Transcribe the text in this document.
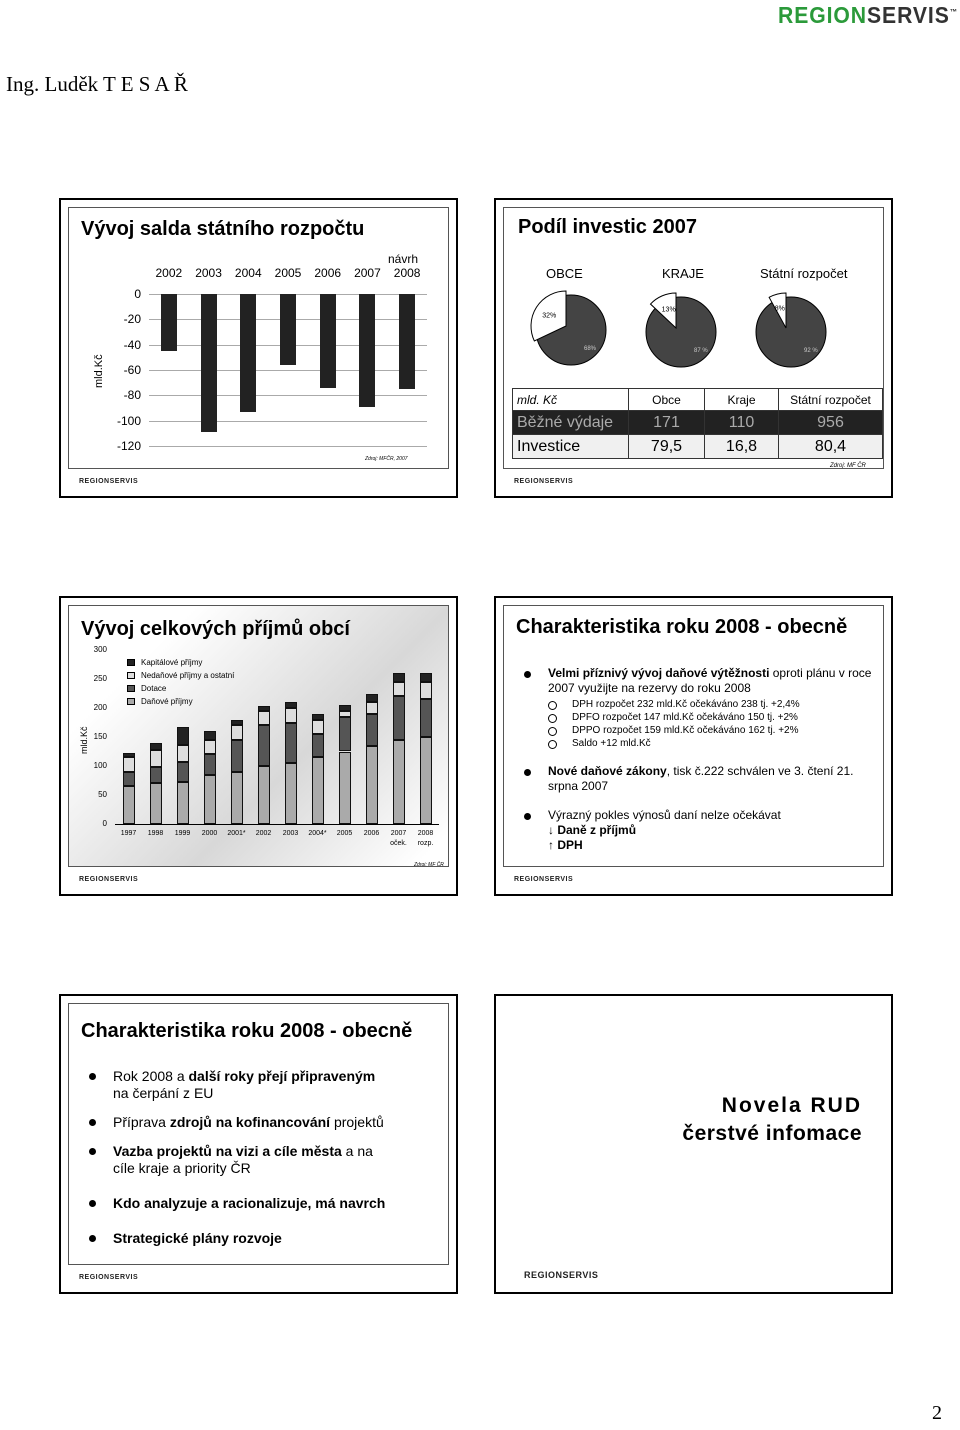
REGIONSERVIS™
Ing. Luděk T E S A Ř
Vývoj salda státního rozpočtu
mld.Kč
návrh
0
-20
-40
-60
-80
-100
-120
2002	2003	2004	2005	2006	2007	2008
Zdroj: MFČR, 2007
REGIONSERVIS
Podíl investic 2007
OBCE	KRAJE	Státní rozpočet
32%
68%
13%
87 %
8%
92 %
mld. Kč	Obce	Kraje	Státní rozpočet
Běžné výdaje	171	110	956
Investice	79,5	16,8	80,4
Zdroj: MF ČR
REGIONSERVIS
Vývoj celkových příjmů obcí
mld.Kč
300
250
200
150
100
50
0
1997	1998	1999	2000	2001*	2002	2003	2004*	2005	2006	2007
oček.
2008
rozp.
Kapitálové příjmy
Nedaňové příjmy a ostatní
Dotace
Daňové příjmy
Zdroj: MF ČR
REGIONSERVIS
Charakteristika roku 2008 - obecně
Velmi příznivý vývoj daňové výtěžnosti oproti plánu v roce 2007 využijte na rezervy do roku 2008
DPH rozpočet 232 mld.Kč očekáváno 238 tj. +2,4%
DPFO rozpočet 147 mld.Kč očekáváno 150 tj. +2%
DPPO rozpočet 159 mld.Kč očekáváno 162 tj. +2%
Saldo +12 mld.Kč
Nové daňové zákony, tisk č.222 schválen ve 3. čtení 21. srpna 2007
Výrazný pokles výnosů daní nelze očekávat
↓ Daně z příjmů
↑ DPH
REGIONSERVIS
Charakteristika roku 2008 - obecně
Rok 2008 a další roky přejí připraveným
na čerpání z EU
Příprava zdrojů na kofinancování projektů
Vazba projektů na vizi a cíle města a na
cíle kraje a priority ČR
Kdo analyzuje a racionalizuje, má navrch
Strategické plány rozvoje
REGIONSERVIS
Novela RUD
čerstvé infomace
REGIONSERVIS
2
